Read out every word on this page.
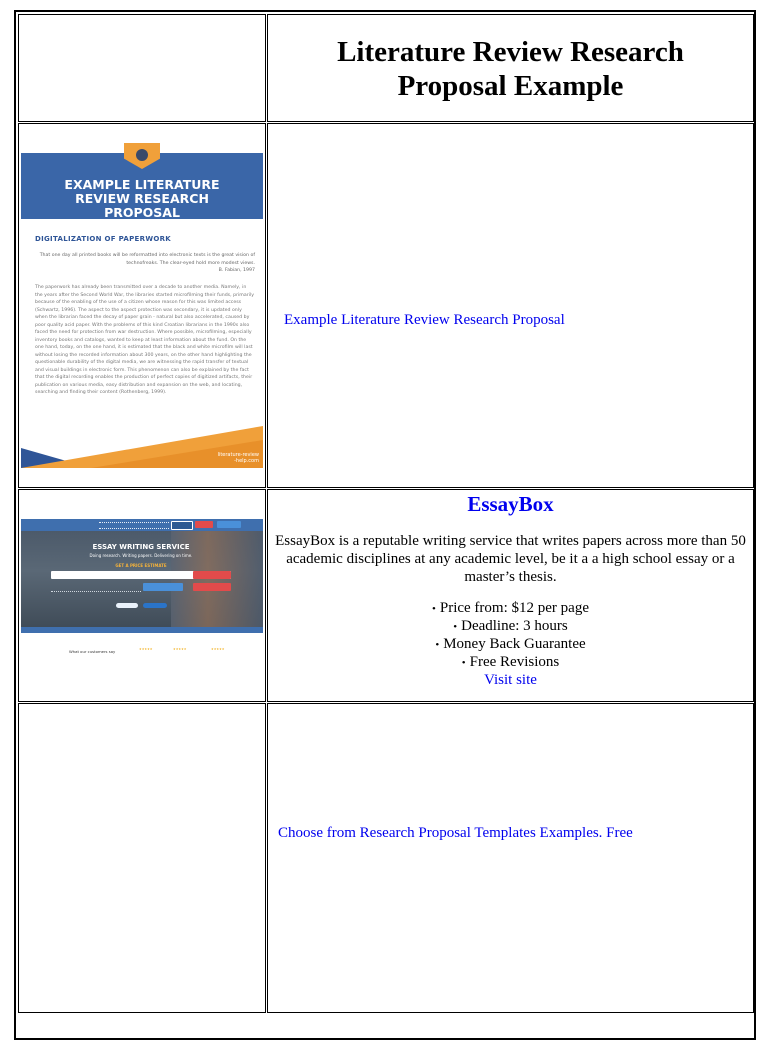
Literature Review Research
Proposal Example
EXAMPLE LITERATURE
REVIEW RESEARCH
PROPOSAL
DIGITALIZATION OF PAPERWORK
That one day all printed books will be reformatted into electronic texts is the great vision of technofreaks. The clear-eyed hold more modest views.
B. Fabian, 1997
The paperwork has already been transmitted over a decade to another media. Namely, in the years after the Second World War, the libraries started microfilming their funds, primarily because of the enabling of the use of a citizen whose reason for this was limited access (Schwartz, 1996). The aspect to the aspect protection was secondary, it is updated only when the librarian faced the decay of paper grain - natural but also accelerated, caused by poor quality acid paper. With the problems of this kind Croatian librarians in the 1990s also faced the need for protection from war destruction. Where possible, microfilming, especially inventory books and catalogs, wanted to keep at least information about the fund. On the one hand, today, on the one hand, it is estimated that the black and white microfilm will last without losing the recorded information about 300 years, on the other hand highlighting the questionable durability of the digital media, we are witnessing the rapid transfer of textual and visual buildings in electronic form. This phenomenon can also be explained by the fact that the digital recording enables the production of perfect copies of digitized artifacts, their publication on various media, easy distribution and expansion on the web, and locating, searching and finding their content (Rothenberg, 1999).
literature-review
-help.com
Example Literature Review Research Proposal
ESSAY WRITING SERVICE
Doing research. Writing papers. Delivering on time.
GET A PRICE ESTIMATE
What our customers say	★★★★★	★★★★★	★★★★★
EssayBox

EssayBox is a reputable writing service that writes papers across more than 50 academic disciplines at any academic level, be it a a high school essay or a master’s thesis.

• Price from: $12 per page
• Deadline: 3 hours
• Money Back Guarantee
• Free Revisions
Visit site
Choose from Research Proposal Templates Examples. Free
